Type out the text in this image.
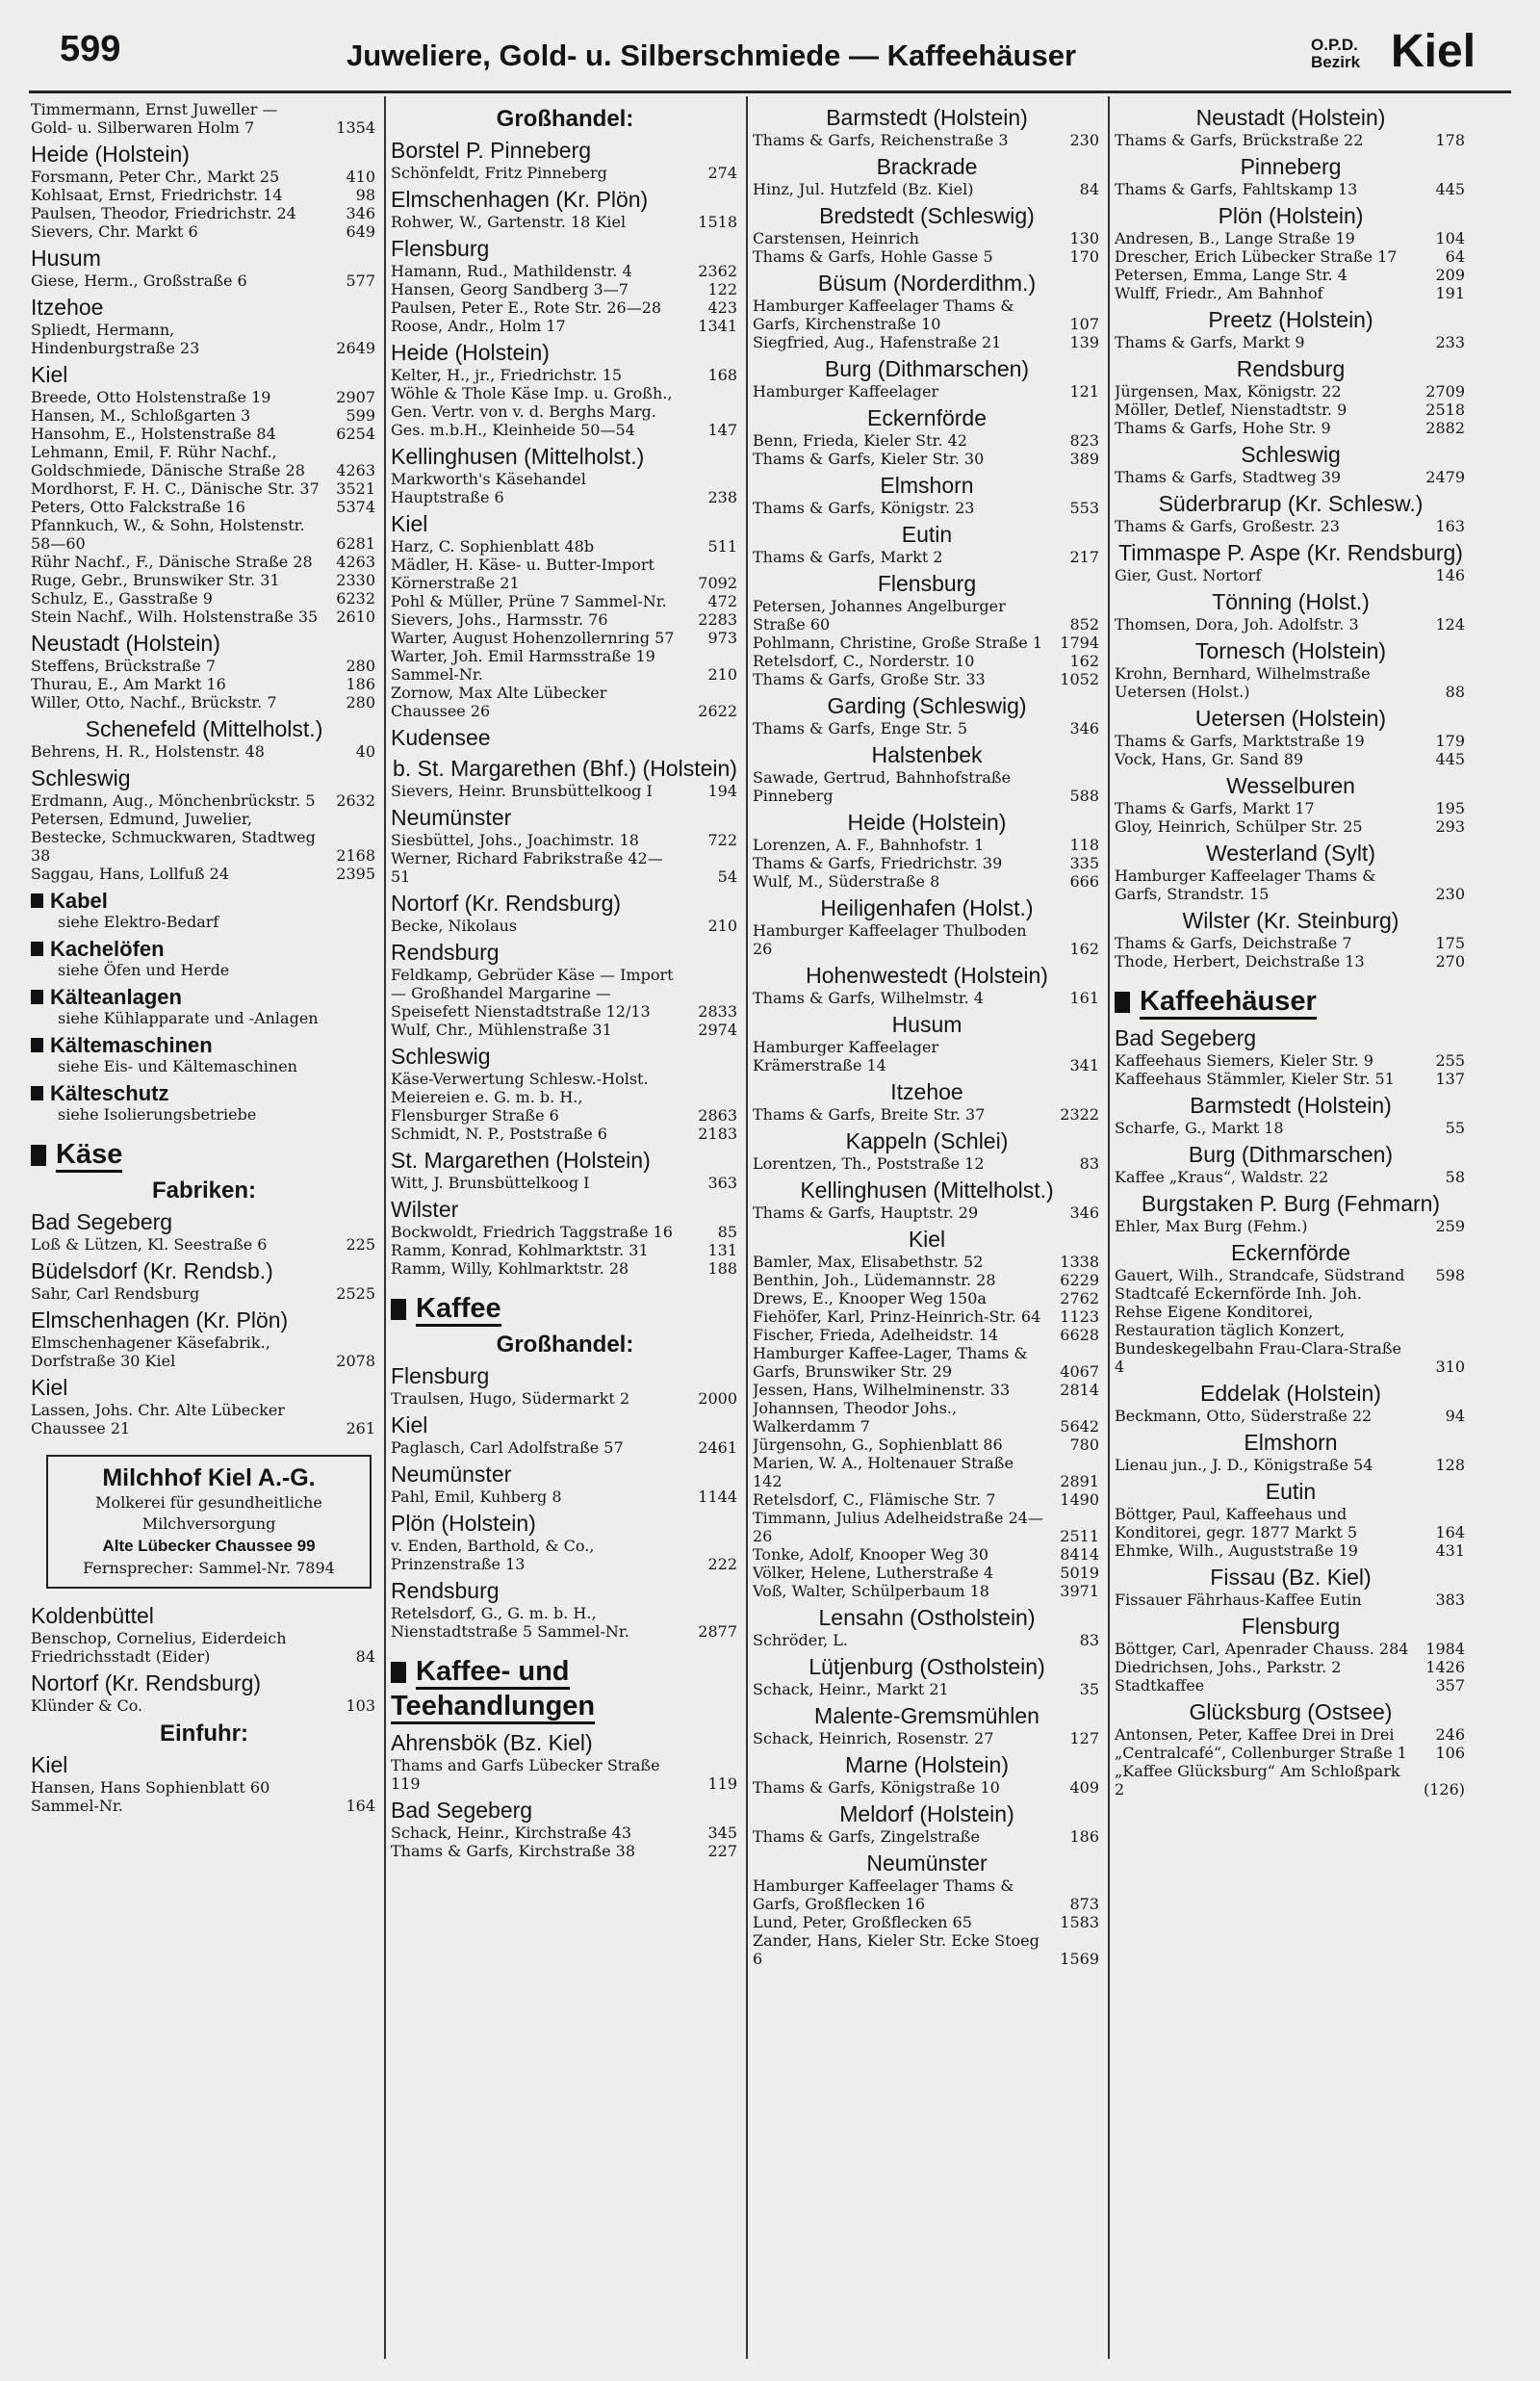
599	Juweliere, Gold- u. Silberschmiede — Kaffeehäuser	O.P.D.
Bezirk Kiel
Timmermann, Ernst Juweller — Gold- u. Silberwaren Holm 7	1354
Heide (Holstein)
Forsmann, Peter Chr., Markt 25	410
Kohlsaat, Ernst, Friedrichstr. 14	98
Paulsen, Theodor, Friedrichstr. 24	346
Sievers, Chr. Markt 6	649
Husum
Giese, Herm., Großstraße 6	577
Itzehoe
Spliedt, Hermann, Hindenburgstraße 23	2649
Kiel
Breede, Otto Holstenstraße 19	2907
Hansen, M., Schloßgarten 3	599
Hansohm, E., Holstenstraße 84	6254
Lehmann, Emil, F. Rühr Nachf., Goldschmiede, Dänische Straße 28 4263
Mordhorst, F. H. C., Dänische Str. 37 3521
Peters, Otto Falckstraße 16	5374
Pfannkuch, W., & Sohn, Holstenstr. 58—60	6281
Rühr Nachf., F., Dänische Straße 28 4263
Ruge, Gebr., Brunswiker Str. 31	2330
Schulz, E., Gasstraße 9	6232
Stein Nachf., Wilh. Holstenstraße 35 2610
Neustadt (Holstein)
Steffens, Brückstraße 7	280
Thurau, E., Am Markt 16	186
Willer, Otto, Nachf., Brückstr. 7	280
Schenefeld (Mittelholst.)
Behrens, H. R., Holstenstr. 48	40
Schleswig
Erdmann, Aug., Mönchenbrückstr. 5 2632
Petersen, Edmund, Juwelier, Bestecke, Schmuckwaren, Stadtweg 38	2168
Saggau, Hans, Lollfuß 24	2395
Kabel
siehe Elektro-Bedarf
Kachelöfen
siehe Öfen und Herde
Kälteanlagen
siehe Kühlapparate und -Anlagen
Kältemaschinen
siehe Eis- und Kältemaschinen
Kälteschutz
siehe Isolierungsbetriebe
Käse
Fabriken:
Bad Segeberg
Loß & Lützen, Kl. Seestraße 6	225
Büdelsdorf (Kr. Rendsb.)
Sahr, Carl Rendsburg	2525
Elmschenhagen (Kr. Plön)
Elmschenhagener Käsefabrik., Dorfstraße 30 Kiel	2078
Kiel
Lassen, Johs. Chr. Alte Lübecker Chaussee 21	261
Milchhof Kiel A.-G.
Molkerei für gesundheitliche
Milchversorgung
Alte Lübecker Chaussee 99
Fernsprecher: Sammel-Nr. 7894
Koldenbüttel
Benschop, Cornelius, Eiderdeich Friedrichsstadt (Eider)	84
Nortorf (Kr. Rendsburg)
Klünder & Co.	103
Einfuhr:
Kiel
Hansen, Hans Sophienblatt 60 Sammel-Nr.	164
Großhandel:
Borstel P. Pinneberg
Schönfeldt, Fritz Pinneberg	274
Elmschenhagen (Kr. Plön)
Rohwer, W., Gartenstr. 18 Kiel	1518
Flensburg
Hamann, Rud., Mathildenstr. 4	2362
Hansen, Georg Sandberg 3—7	122
Paulsen, Peter E., Rote Str. 26—28	423
Roose, Andr., Holm 17	1341
Heide (Holstein)
Kelter, H., jr., Friedrichstr. 15	168
Wöhle & Thole Käse Imp. u. Großh., Gen. Vertr. von v. d. Berghs Marg. Ges. m.b.H., Kleinheide 50—54	147
Kellinghusen (Mittelholst.)
Markworth's Käsehandel Hauptstraße 6	238
Kiel
Harz, C. Sophienblatt 48b	511
Mädler, H. Käse- u. Butter-Import Körnerstraße 21	7092
Pohl & Müller, Prüne 7 Sammel-Nr.	472
Sievers, Johs., Harmsstr. 76	2283
Warter, August Hohenzollernring 57 973
Warter, Joh. Emil Harmsstraße 19 Sammel-Nr.	210
Zornow, Max Alte Lübecker Chaussee 26	2622
Kudensee
b. St. Margarethen (Bhf.) (Holstein)
Sievers, Heinr. Brunsbüttelkoog I	194
Neumünster
Siesbüttel, Johs., Joachimstr. 18	722
Werner, Richard Fabrikstraße 42—51	54
Nortorf (Kr. Rendsburg)
Becke, Nikolaus	210
Rendsburg
Feldkamp, Gebrüder Käse — Import — Großhandel Margarine — Speisefett Nienstadtstraße 12/13	2833
Wulf, Chr., Mühlenstraße 31	2974
Schleswig
Käse-Verwertung Schlesw.-Holst. Meiereien e. G. m. b. H., Flensburger Straße 6	2863
Schmidt, N. P., Poststraße 6	2183
St. Margarethen (Holstein)
Witt, J. Brunsbüttelkoog I	363
Wilster
Bockwoldt, Friedrich Taggstraße 16	85
Ramm, Konrad, Kohlmarktstr. 31	131
Ramm, Willy, Kohlmarktstr. 28	188
Kaffee
Großhandel:
Flensburg
Traulsen, Hugo, Südermarkt 2	2000
Kiel
Paglasch, Carl Adolfstraße 57	2461
Neumünster
Pahl, Emil, Kuhberg 8	1144
Plön (Holstein)
v. Enden, Barthold, & Co., Prinzenstraße 13	222
Rendsburg
Retelsdorf, G., G. m. b. H., Nienstadtstraße 5 Sammel-Nr.	2877
Kaffee- und Teehandlungen
Ahrensbök (Bz. Kiel)
Thams and Garfs Lübecker Straße 119	119
Bad Segeberg
Schack, Heinr., Kirchstraße 43	345
Thams & Garfs, Kirchstraße 38	227
Barmstedt (Holstein)
Thams & Garfs, Reichenstraße 3	230
Brackrade
Hinz, Jul. Hutzfeld (Bz. Kiel)	84
Bredstedt (Schleswig)
Carstensen, Heinrich	130
Thams & Garfs, Hohle Gasse 5	170
Büsum (Norderdithm.)
Hamburger Kaffeelager Thams & Garfs, Kirchenstraße 10	107
Siegfried, Aug., Hafenstraße 21	139
Burg (Dithmarschen)
Hamburger Kaffeelager	121
Eckernförde
Benn, Frieda, Kieler Str. 42	823
Thams & Garfs, Kieler Str. 30	389
Elmshorn
Thams & Garfs, Königstr. 23	553
Eutin
Thams & Garfs, Markt 2	217
Flensburg
Petersen, Johannes Angelburger Straße 60	852
Pohlmann, Christine, Große Straße 1 1794
Retelsdorf, C., Norderstr. 10	162
Thams & Garfs, Große Str. 33	1052
Garding (Schleswig)
Thams & Garfs, Enge Str. 5	346
Halstenbek
Sawade, Gertrud, Bahnhofstraße Pinneberg	588
Heide (Holstein)
Lorenzen, A. F., Bahnhofstr. 1	118
Thams & Garfs, Friedrichstr. 39	335
Wulf, M., Süderstraße 8	666
Heiligenhafen (Holst.)
Hamburger Kaffeelager Thulboden 26	162
Hohenwestedt (Holstein)
Thams & Garfs, Wilhelmstr. 4	161
Husum
Hamburger Kaffeelager Krämerstraße 14	341
Itzehoe
Thams & Garfs, Breite Str. 37	2322
Kappeln (Schlei)
Lorentzen, Th., Poststraße 12	83
Kellinghusen (Mittelholst.)
Thams & Garfs, Hauptstr. 29	346
Kiel
Bamler, Max, Elisabethstr. 52	1338
Benthin, Joh., Lüdemannstr. 28	6229
Drews, E., Knooper Weg 150a	2762
Fiehöfer, Karl, Prinz-Heinrich-Str. 64 1123
Fischer, Frieda, Adelheidstr. 14	6628
Hamburger Kaffee-Lager, Thams & Garfs, Brunswiker Str. 29	4067
Jessen, Hans, Wilhelminenstr. 33	2814
Johannsen, Theodor Johs., Walkerdamm 7	5642
Jürgensohn, G., Sophienblatt 86	780
Marien, W. A., Holtenauer Straße 142	2891
Retelsdorf, C., Flämische Str. 7	1490
Timmann, Julius Adelheidstraße 24—26	2511
Tonke, Adolf, Knooper Weg 30	8414
Völker, Helene, Lutherstraße 4	5019
Voß, Walter, Schülperbaum 18	3971
Lensahn (Ostholstein)
Schröder, L.	83
Lütjenburg (Ostholstein)
Schack, Heinr., Markt 21	35
Malente-Gremsmühlen
Schack, Heinrich, Rosenstr. 27	127
Marne (Holstein)
Thams & Garfs, Königstraße 10	409
Meldorf (Holstein)
Thams & Garfs, Zingelstraße	186
Neumünster
Hamburger Kaffeelager Thams & Garfs, Großflecken 16	873
Lund, Peter, Großflecken 65	1583
Zander, Hans, Kieler Str. Ecke Stoeg 6	1569
Neustadt (Holstein)
Thams & Garfs, Brückstraße 22	178
Pinneberg
Thams & Garfs, Fahltskamp 13	445
Plön (Holstein)
Andresen, B., Lange Straße 19	104
Drescher, Erich Lübecker Straße 17	64
Petersen, Emma, Lange Str. 4	209
Wulff, Friedr., Am Bahnhof	191
Preetz (Holstein)
Thams & Garfs, Markt 9	233
Rendsburg
Jürgensen, Max, Königstr. 22	2709
Möller, Detlef, Nienstadtstr. 9	2518
Thams & Garfs, Hohe Str. 9	2882
Schleswig
Thams & Garfs, Stadtweg 39	2479
Süderbrarup (Kr. Schlesw.)
Thams & Garfs, Großestr. 23	163
Timmaspe P. Aspe (Kr. Rendsburg)
Gier, Gust. Nortorf	146
Tönning (Holst.)
Thomsen, Dora, Joh. Adolfstr. 3	124
Tornesch (Holstein)
Krohn, Bernhard, Wilhelmstraße Uetersen (Holst.)	88
Uetersen (Holstein)
Thams & Garfs, Marktstraße 19	179
Vock, Hans, Gr. Sand 89	445
Wesselburen
Thams & Garfs, Markt 17	195
Gloy, Heinrich, Schülper Str. 25	293
Westerland (Sylt)
Hamburger Kaffeelager Thams & Garfs, Strandstr. 15	230
Wilster (Kr. Steinburg)
Thams & Garfs, Deichstraße 7	175
Thode, Herbert, Deichstraße 13	270
Kaffeehäuser
Bad Segeberg
Kaffeehaus Siemers, Kieler Str. 9	255
Kaffeehaus Stämmler, Kieler Str. 51	137
Barmstedt (Holstein)
Scharfe, G., Markt 18	55
Burg (Dithmarschen)
Kaffee „Kraus“, Waldstr. 22	58
Burgstaken P. Burg (Fehmarn)
Ehler, Max Burg (Fehm.)	259
Eckernförde
Gauert, Wilh., Strandcafe, Südstrand 598
Stadtcafé Eckernförde Inh. Joh. Rehse Eigene Konditorei, Restauration täglich Konzert, Bundeskegelbahn Frau-Clara-Straße 4	310
Eddelak (Holstein)
Beckmann, Otto, Süderstraße 22	94
Elmshorn
Lienau jun., J. D., Königstraße 54	128
Eutin
Böttger, Paul, Kaffeehaus und Konditorei, gegr. 1877 Markt 5	164
Ehmke, Wilh., Auguststraße 19	431
Fissau (Bz. Kiel)
Fissauer Fährhaus-Kaffee Eutin	383
Flensburg
Böttger, Carl, Apenrader Chauss. 284 1984
Diedrichsen, Johs., Parkstr. 2	1426
Stadtkaffee	357
Glücksburg (Ostsee)
Antonsen, Peter, Kaffee Drei in Drei	246
„Centralcafé“, Collenburger Straße 1 106
„Kaffee Glücksburg“ Am Schloßpark 2	(126)
